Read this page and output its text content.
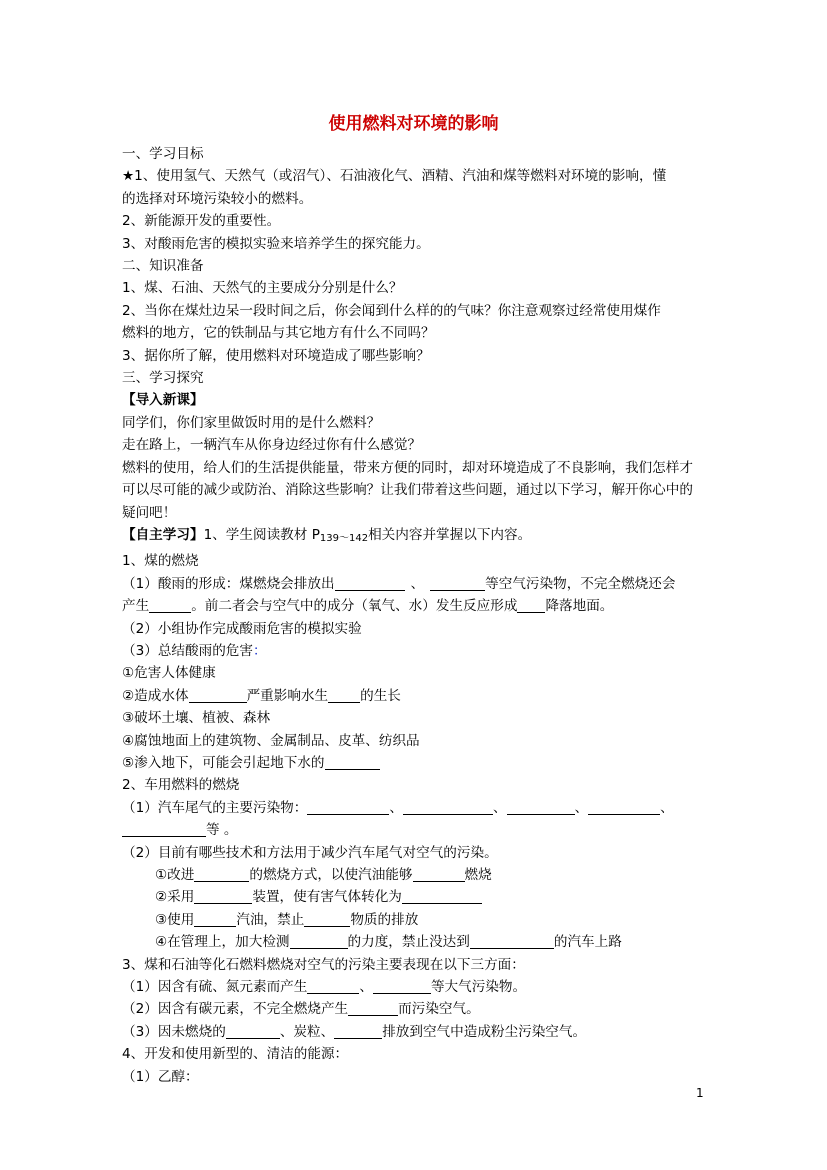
使用燃料对环境的影响
一、学习目标
★1、使用氢气、天然气（或沼气）、石油液化气、酒精、汽油和煤等燃料对环境的影响，懂
的选择对环境污染较小的燃料。
2、新能源开发的重要性。
3、对酸雨危害的模拟实验来培养学生的探究能力。
二、知识准备
1、煤、石油、天然气的主要成分分别是什么？
2、当你在煤灶边呆一段时间之后，你会闻到什么样的的气味？你注意观察过经常使用煤作
燃料的地方，它的铁制品与其它地方有什么不同吗？
3、据你所了解，使用燃料对环境造成了哪些影响？
三、学习探究
【导入新课】
同学们，你们家里做饭时用的是什么燃料？
走在路上，一辆汽车从你身边经过你有什么感觉？
燃料的使用，给人们的生活提供能量，带来方便的同时，却对环境造成了不良影响，我们怎样才可以尽可能的减少或防治、消除这些影响？让我们带着这些问题，通过以下学习，解开你心中的疑问吧！
【自主学习】1、学生阅读教材 $P_{139\sim 142}$相关内容并掌握以下内容。
1、煤的燃烧
（1）酸雨的形成：煤燃烧会排放出	、	等空气污染物，不完全燃烧还会
产生	。前二者会与空气中的成分（氧气、水）发生反应形成 降落地面。
（2）小组协作完成酸雨危害的模拟实验
（3）总结酸雨的危害：
①危害人体健康
②造成水体	严重影响水生 的生长
③破坏土壤、植被、森林
④腐蚀地面上的建筑物、金属制品、皮革、纺织品
⑤渗入地下，可能会引起地下水的
2、车用燃料的燃烧
（1）汽车尾气的主要污染物：	、	、	、	、
等 。
（2）目前有哪些技术和方法用于减少汽车尾气对空气的污染。
①改进	的燃烧方式，以使汽油能够	燃烧
②采用	装置，使有害气体转化为
③使用	汽油，禁止	物质的排放
④在管理上，加大检测	的力度，禁止没达到	的汽车上路
3、煤和石油等化石燃料燃烧对空气的污染主要表现在以下三方面：
（1）因含有硫、氮元素而产生	、	等大气污染物。
（2）因含有碳元素，不完全燃烧产生	而污染空气。
（3）因未燃烧的	、炭粒、	排放到空气中造成粉尘污染空气。
4、开发和使用新型的、清洁的能源：
（1）乙醇：
1
